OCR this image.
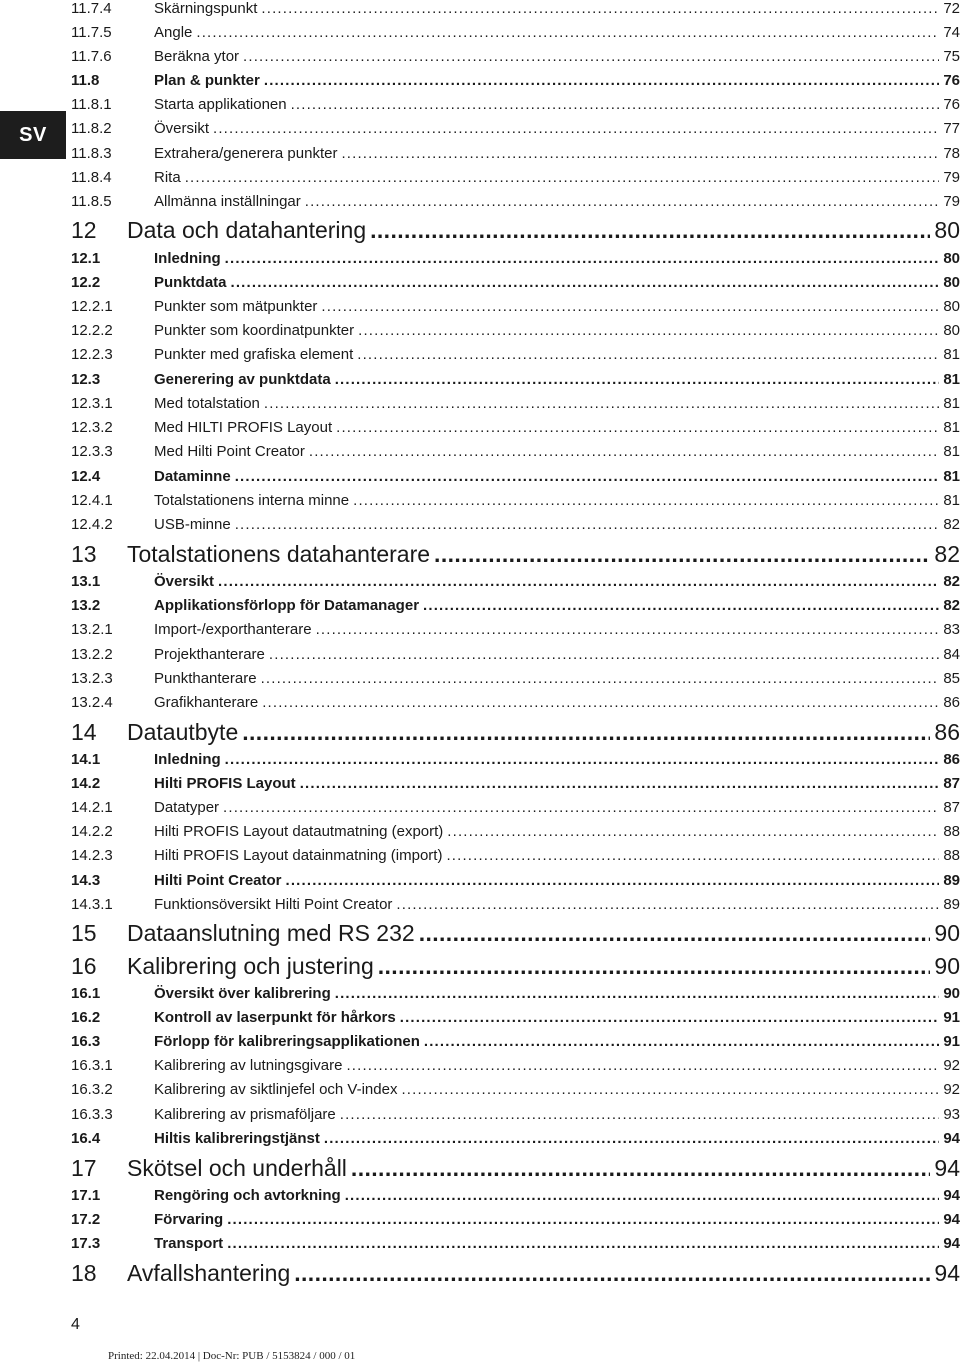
SV
11.7.4	Skärningspunkt . . .	72
11.7.5	Angle . . .	74
11.7.6	Beräkna ytor . . .	75
11.8	Plan & punkter . . .	76
11.8.1	Starta applikationen . . .	76
11.8.2	Översikt . . .	77
11.8.3	Extrahera/generera punkter . . .	78
11.8.4	Rita . . .	79
11.8.5	Allmänna inställningar . . .	79
12	Data och datahantering . . .	80
12.1	Inledning . . .	80
12.2	Punktdata . . .	80
12.2.1	Punkter som mätpunkter . . .	80
12.2.2	Punkter som koordinatpunkter . . .	80
12.2.3	Punkter med grafiska element . . .	81
12.3	Generering av punktdata . . .	81
12.3.1	Med totalstation . . .	81
12.3.2	Med HILTI PROFIS Layout . . .	81
12.3.3	Med Hilti Point Creator . . .	81
12.4	Dataminne . . .	81
12.4.1	Totalstationens interna minne . . .	81
12.4.2	USB-minne . . .	82
13	Totalstationens datahanterare . . .	82
13.1	Översikt . . .	82
13.2	Applikationsförlopp för Datamanager . . .	82
13.2.1	Import-/exporthanterare . . .	83
13.2.2	Projekthanterare . . .	84
13.2.3	Punkthanterare . . .	85
13.2.4	Grafikhanterare . . .	86
14	Datautbyte . . .	86
14.1	Inledning . . .	86
14.2	Hilti PROFIS Layout . . .	87
14.2.1	Datatyper . . .	87
14.2.2	Hilti PROFIS Layout datautmatning (export) . . .	88
14.2.3	Hilti PROFIS Layout datainmatning (import) . . .	88
14.3	Hilti Point Creator . . .	89
14.3.1	Funktionsöversikt Hilti Point Creator . . .	89
15	Dataanslutning med RS 232 . . .	90
16	Kalibrering och justering . . .	90
16.1	Översikt över kalibrering . . .	90
16.2	Kontroll av laserpunkt för hårkors . . .	91
16.3	Förlopp för kalibreringsapplikationen . . .	91
16.3.1	Kalibrering av lutningsgivare . . .	92
16.3.2	Kalibrering av siktlinjefel och V-index . . .	92
16.3.3	Kalibrering av prismaföljare . . .	93
16.4	Hiltis kalibreringstjänst . . .	94
17	Skötsel och underhåll . . .	94
17.1	Rengöring och avtorkning . . .	94
17.2	Förvaring . . .	94
17.3	Transport . . .	94
18	Avfallshantering . . .	94
4
Printed: 22.04.2014 | Doc-Nr: PUB / 5153824 / 000 / 01
